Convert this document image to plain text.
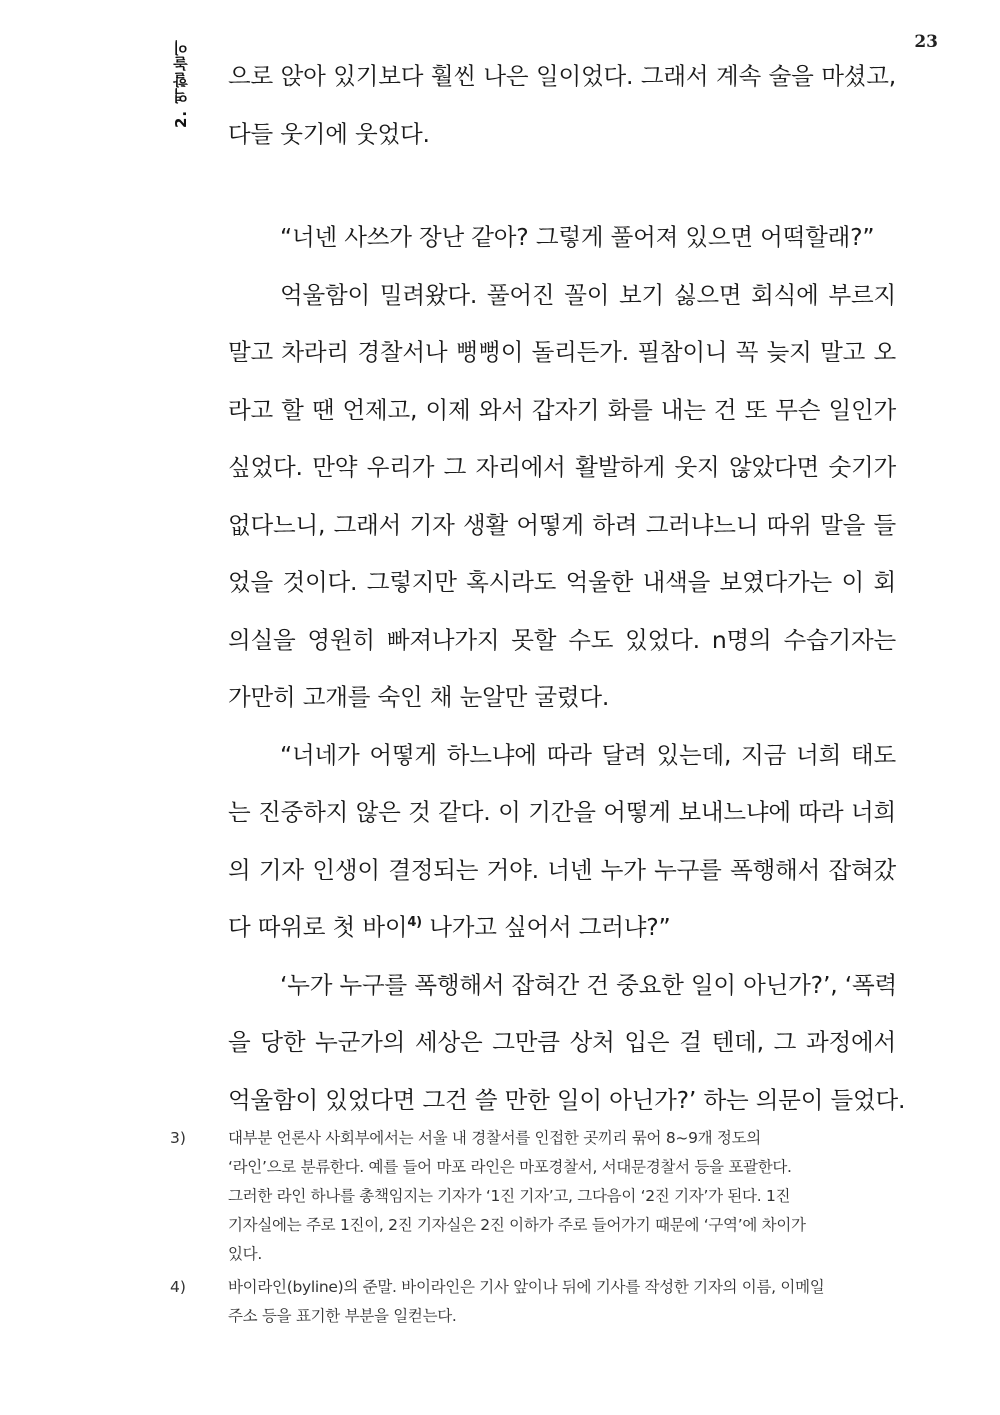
23
2. 역할놀이 으로 앉아 있기보다 훨씬 나은 일이었다. 그래서 계속 술을 마셨고,
다들 웃기에 웃었다.
“너넨 사쓰가 장난 같아? 그렇게 풀어져 있으면 어떡할래?”
억울함이 밀려왔다. 풀어진 꼴이 보기 싫으면 회식에 부르지
말고 차라리 경찰서나 뻥뻥이 돌리든가. 필참이니 꼭 늦지 말고 오
라고 할 땐 언제고, 이제 와서 갑자기 화를 내는 건 또 무슨 일인가
싶었다. 만약 우리가 그 자리에서 활발하게 웃지 않았다면 숫기가
없다느니, 그래서 기자 생활 어떻게 하려 그러냐느니 따위 말을 들
었을 것이다. 그렇지만 혹시라도 억울한 내색을 보였다가는 이 회
의실을 영원히 빠져나가지 못할 수도 있었다. n명의 수습기자는
가만히 고개를 숙인 채 눈알만 굴렸다.
“너네가 어떻게 하느냐에 따라 달려 있는데, 지금 너희 태도
는 진중하지 않은 것 같다. 이 기간을 어떻게 보내느냐에 따라 너희
의 기자 인생이 결정되는 거야. 너넨 누가 누구를 폭행해서 잡혀갔
다 따위로 첫 바이$^{4)}$ 나가고 싶어서 그러냐?”
‘누가 누구를 폭행해서 잡혀간 건 중요한 일이 아닌가?’, ‘폭력
을 당한 누군가의 세상은 그만큼 상처 입은 걸 텐데, 그 과정에서
억울함이 있었다면 그건 쓸 만한 일이 아닌가?’ 하는 의문이 들었다.
3)	대부분 언론사 사회부에서는 서울 내 경찰서를 인접한 곳끼리 묶어 8~9개 정도의
‘라인’으로 분류한다. 예를 들어 마포 라인은 마포경찰서, 서대문경찰서 등을 포괄한다.
그러한 라인 하나를 총책임지는 기자가 ‘1진 기자’고, 그다음이 ‘2진 기자’가 된다. 1진
기자실에는 주로 1진이, 2진 기자실은 2진 이하가 주로 들어가기 때문에 ‘구역’에 차이가
있다.
4)	바이라인(byline)의 준말. 바이라인은 기사 앞이나 뒤에 기사를 작성한 기자의 이름, 이메일
주소 등을 표기한 부분을 일컫는다.
